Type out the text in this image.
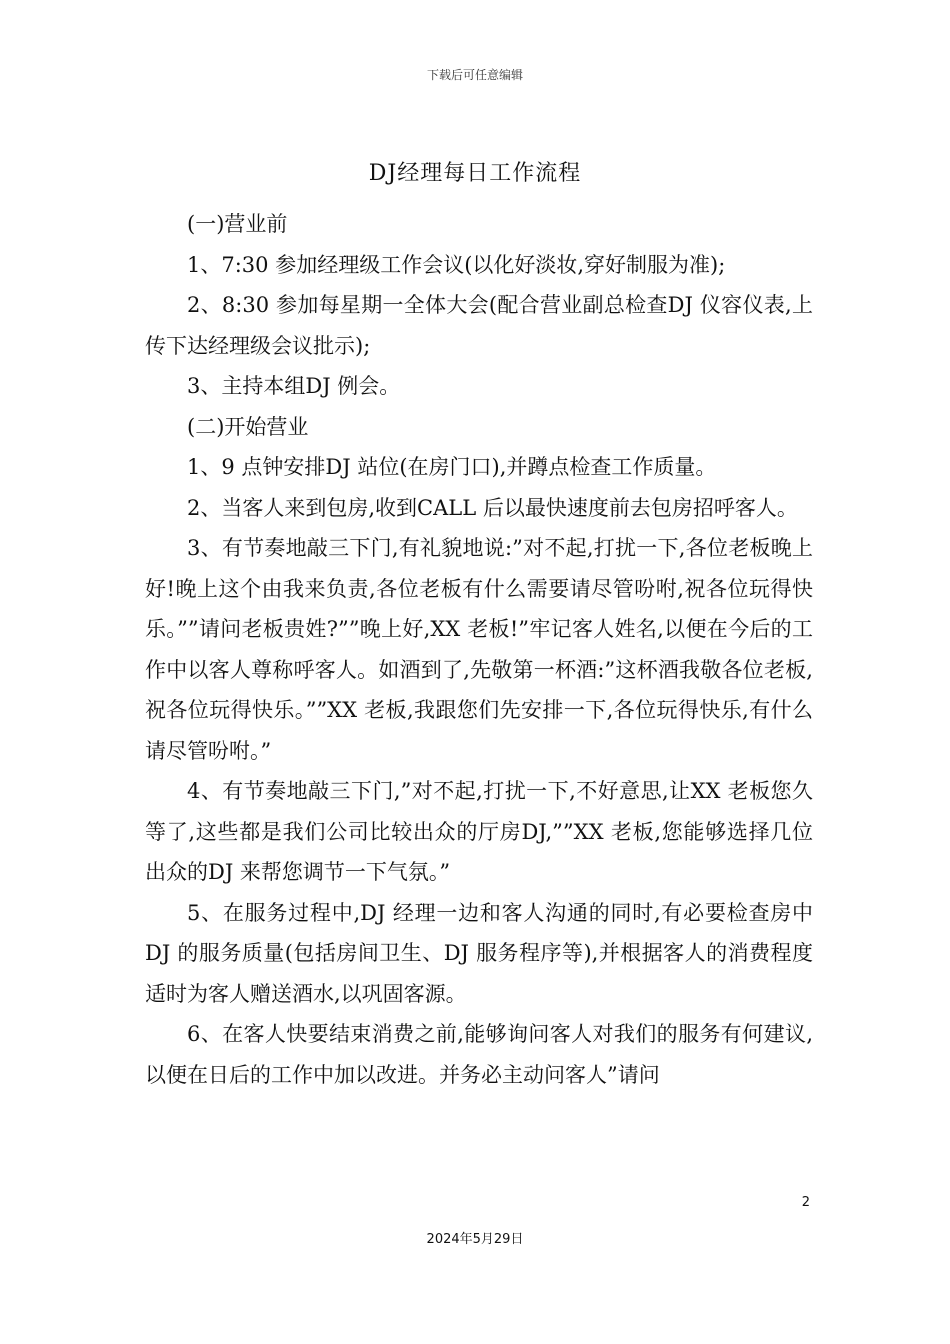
下载后可任意编辑
DJ经理每日工作流程

(一)营业前

1、7:30 参加经理级工作会议(以化好淡妆,穿好制服为准);

2、8:30 参加每星期一全体大会(配合营业副总检查DJ 仪容仪表,上传下达经理级会议批示);

3、主持本组DJ 例会。

(二)开始营业

1、9 点钟安排DJ 站位(在房门口),并蹲点检查工作质量。

2、当客人来到包房,收到CALL 后以最快速度前去包房招呼客人。

3、有节奏地敲三下门,有礼貌地说:”对不起,打扰一下,各位老板晚上好!晚上这个由我来负责,各位老板有什么需要请尽管吩咐,祝各位玩得快乐。””请问老板贵姓?””晚上好,XX 老板!”牢记客人姓名,以便在今后的工作中以客人尊称呼客人。如酒到了,先敬第一杯酒:”这杯酒我敬各位老板,祝各位玩得快乐。””XX 老板,我跟您们先安排一下,各位玩得快乐,有什么请尽管吩咐。”

4、有节奏地敲三下门,”对不起,打扰一下,不好意思,让XX 老板您久等了,这些都是我们公司比较出众的厅房DJ,””XX 老板,您能够选择几位出众的DJ 来帮您调节一下气氛。”

5、在服务过程中,DJ 经理一边和客人沟通的同时,有必要检查房中DJ 的服务质量(包括房间卫生、DJ 服务程序等),并根据客人的消费程度适时为客人赠送酒水,以巩固客源。

6、在客人快要结束消费之前,能够询问客人对我们的服务有何建议,以便在日后的工作中加以改进。并务必主动问客人”请问

2
2024年5月29日
